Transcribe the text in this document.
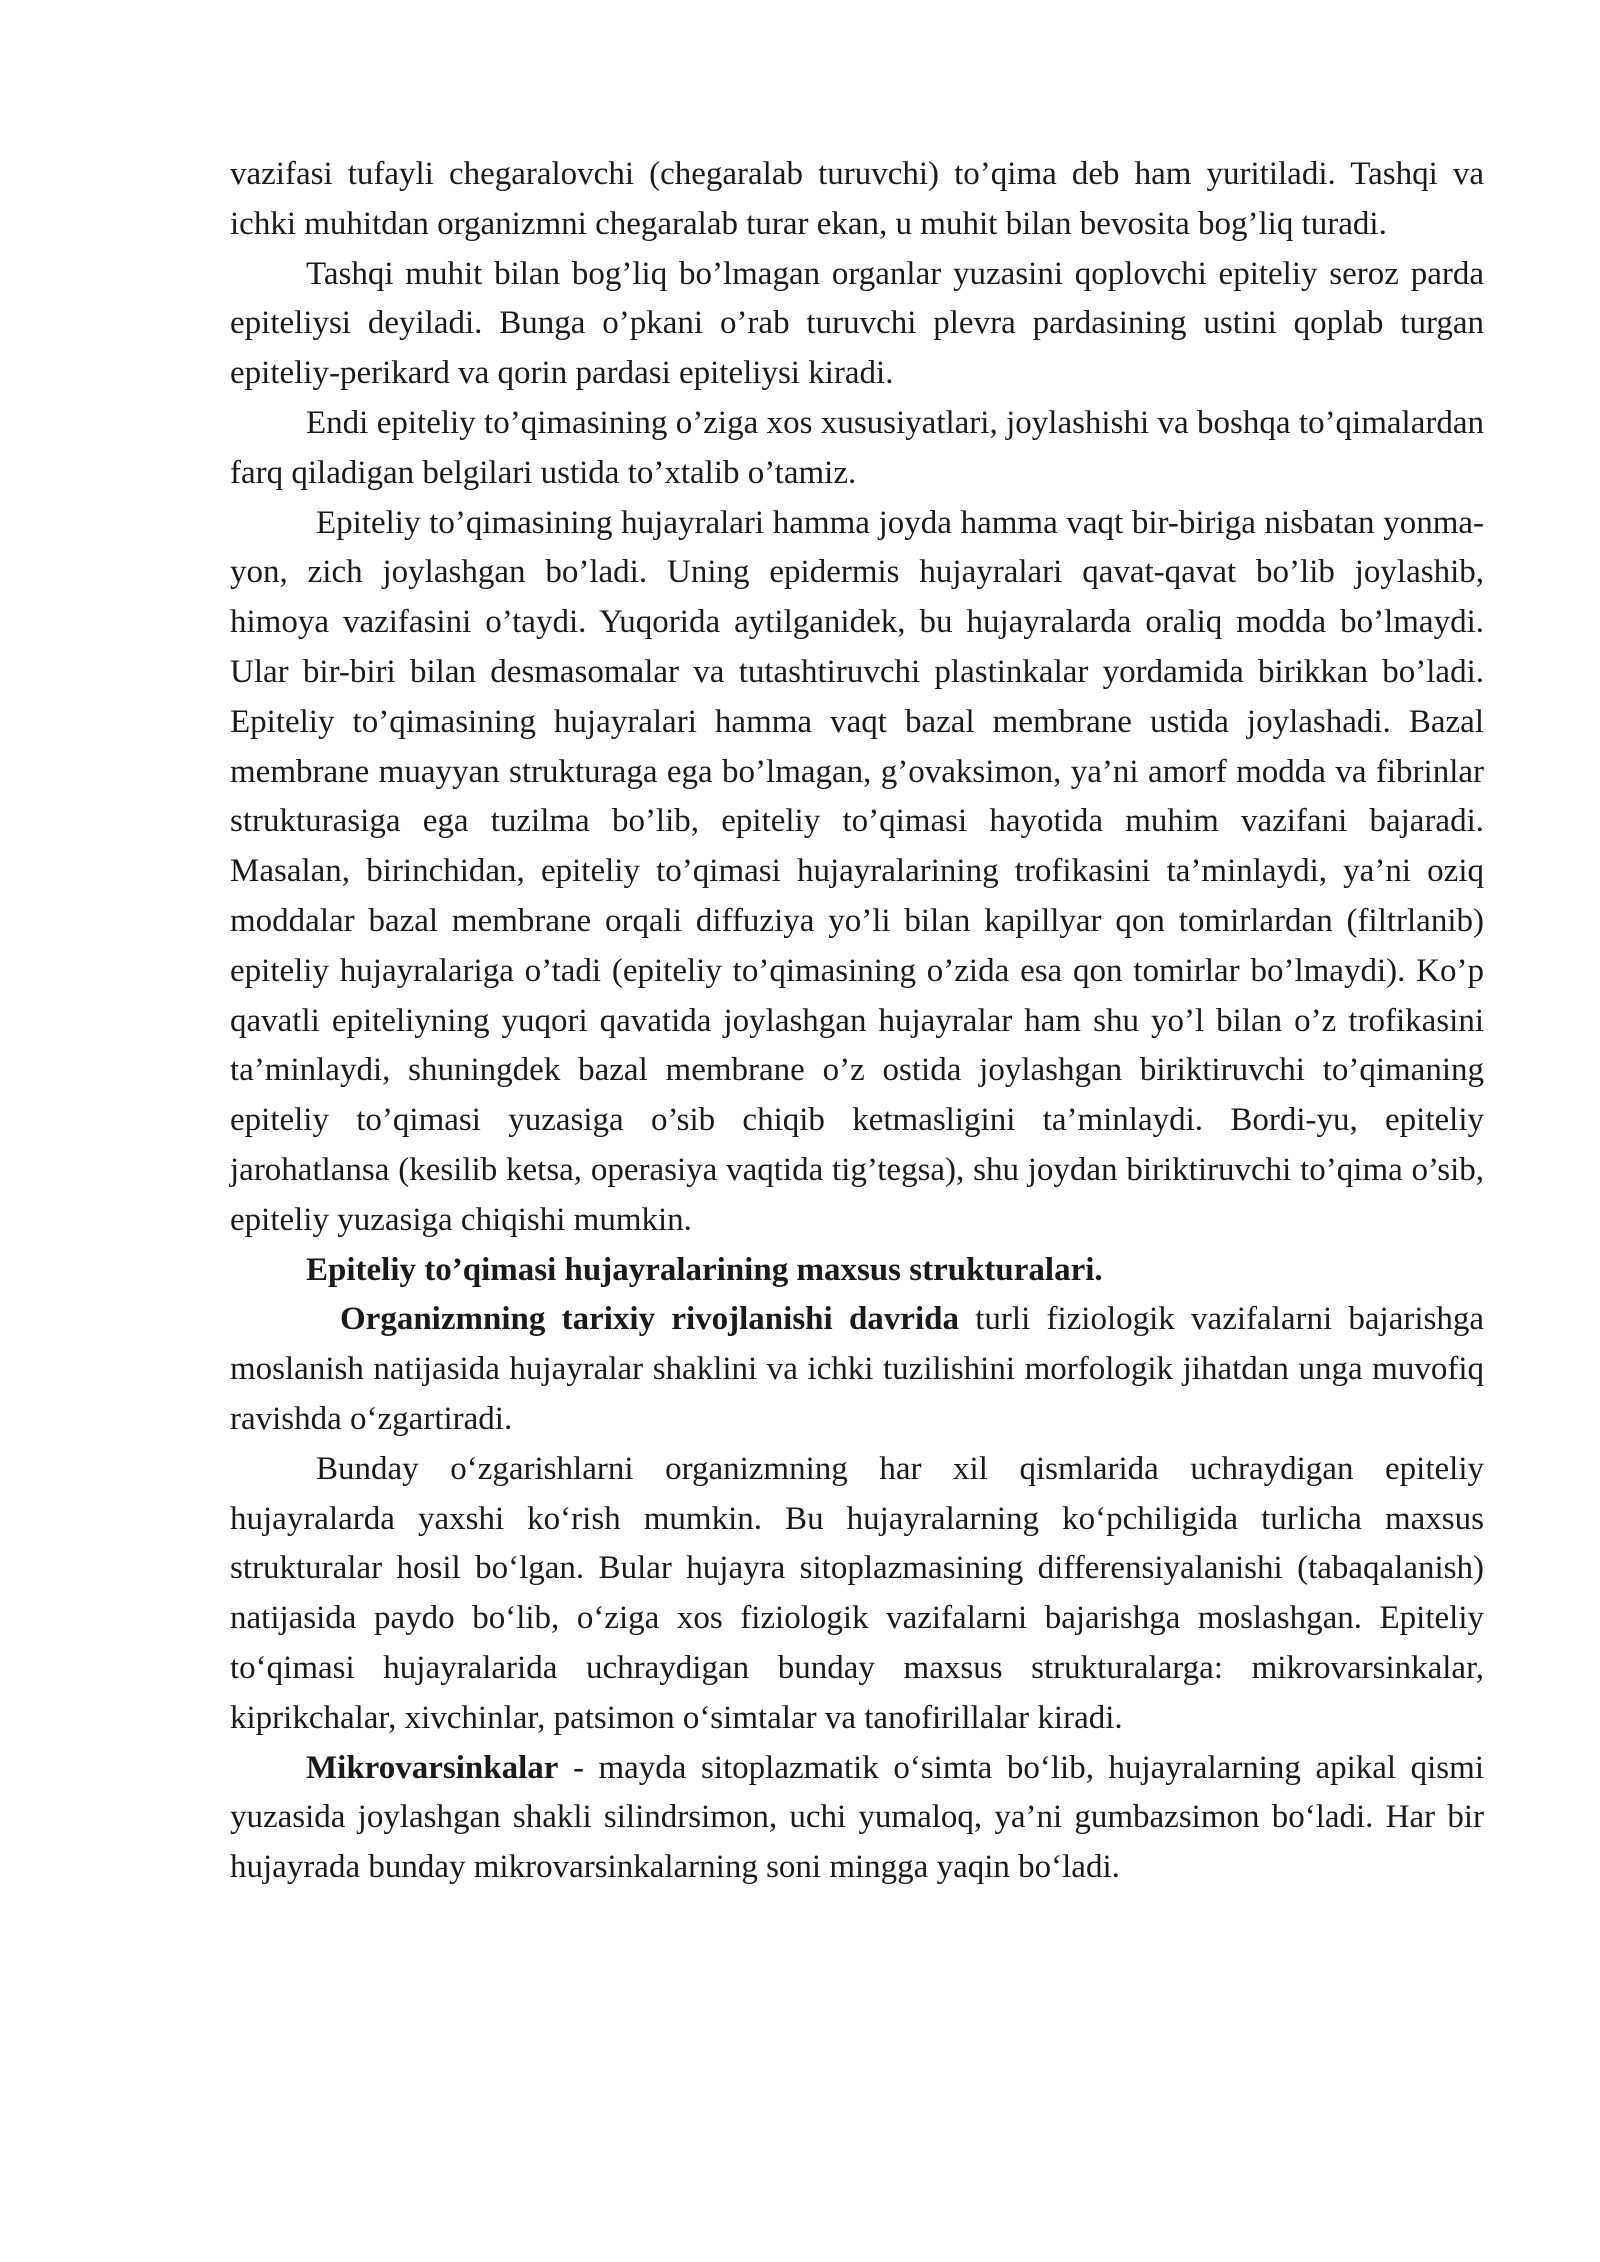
vazifasi tufayli chegaralovchi (chegaralab turuvchi) to’qima deb ham yuritiladi. Tashqi va ichki muhitdan organizmni chegaralab turar ekan, u muhit bilan bevosita bog’liq turadi.

Tashqi muhit bilan bog’liq bo’lmagan organlar yuzasini qoplovchi epiteliy seroz parda epiteliysi deyiladi. Bunga o’pkani o’rab turuvchi plevra pardasining ustini qoplab turgan epiteliy-perikard va qorin pardasi epiteliysi kiradi.

Endi epiteliy to’qimasining o’ziga xos xususiyatlari, joylashishi va boshqa to’qimalardan farq qiladigan belgilari ustida to’xtalib o’tamiz.

Epiteliy to’qimasining hujayralari hamma joyda hamma vaqt bir-biriga nisbatan yonma-yon, zich joylashgan bo’ladi. Uning epidermis hujayralari qavat-qavat bo’lib joylashib, himoya vazifasini o’taydi. Yuqorida aytilganidek, bu hujayralarda oraliq modda bo’lmaydi. Ular bir-biri bilan desmasomalar va tutashtiruvchi plastinkalar yordamida birikkan bo’ladi. Epiteliy to’qimasining hujayralari hamma vaqt bazal membrane ustida joylashadi. Bazal membrane muayyan strukturaga ega bo’lmagan, g’ovaksimon, ya’ni amorf modda va fibrinlar strukturasiga ega tuzilma bo’lib, epiteliy to’qimasi hayotida muhim vazifani bajaradi. Masalan, birinchidan, epiteliy to’qimasi hujayralarining trofikasini ta’minlaydi, ya’ni oziq moddalar bazal membrane orqali diffuziya yo’li bilan kapillyar qon tomirlardan (filtrlanib) epiteliy hujayralariga o’tadi (epiteliy to’qimasining o’zida esa qon tomirlar bo’lmaydi). Ko’p qavatli epiteliyning yuqori qavatida joylashgan hujayralar ham shu yo’l bilan o’z trofikasini ta’minlaydi, shuningdek bazal membrane o’z ostida joylashgan biriktiruvchi to’qimaning epiteliy to’qimasi yuzasiga o’sib chiqib ketmasligini ta’minlaydi. Bordi-yu, epiteliy jarohatlansa (kesilib ketsa, operasiya vaqtida tig’tegsa), shu joydan biriktiruvchi to’qima o’sib, epiteliy yuzasiga chiqishi mumkin.

Epiteliy to’qimasi hujayralarining maxsus strukturalari.

Organizmning tarixiy rivojlanishi davrida turli fiziologik vazifalarni bajarishga moslanish natijasida hujayralar shaklini va ichki tuzilishini morfologik jihatdan unga muvofiq ravishda oʻzgartiradi.

Bunday oʻzgarishlarni organizmning har xil qismlarida uchraydigan epiteliy hujayralarda yaxshi koʻrish mumkin. Bu hujayralarning koʻpchiligida turlicha maxsus strukturalar hosil boʻlgan. Bular hujayra sitoplazmasining differensiyalanishi (tabaqalanish) natijasida paydo boʻlib, oʻziga xos fiziologik vazifalarni bajarishga moslashgan. Epiteliy toʻqimasi hujayralarida uchraydigan bunday maxsus strukturalarga: mikrovarsinkalar, kiprikchalar, xivchinlar, patsimon oʻsimtalar va tanofirillalar kiradi.

Mikrovarsinkalar - mayda sitoplazmatik oʻsimta boʻlib, hujayralarning apikal qismi yuzasida joylashgan shakli silindrsimon, uchi yumaloq, ya’ni gumbazsimon boʻladi. Har bir hujayrada bunday mikrovarsinkalarning soni mingga yaqin boʻladi.
